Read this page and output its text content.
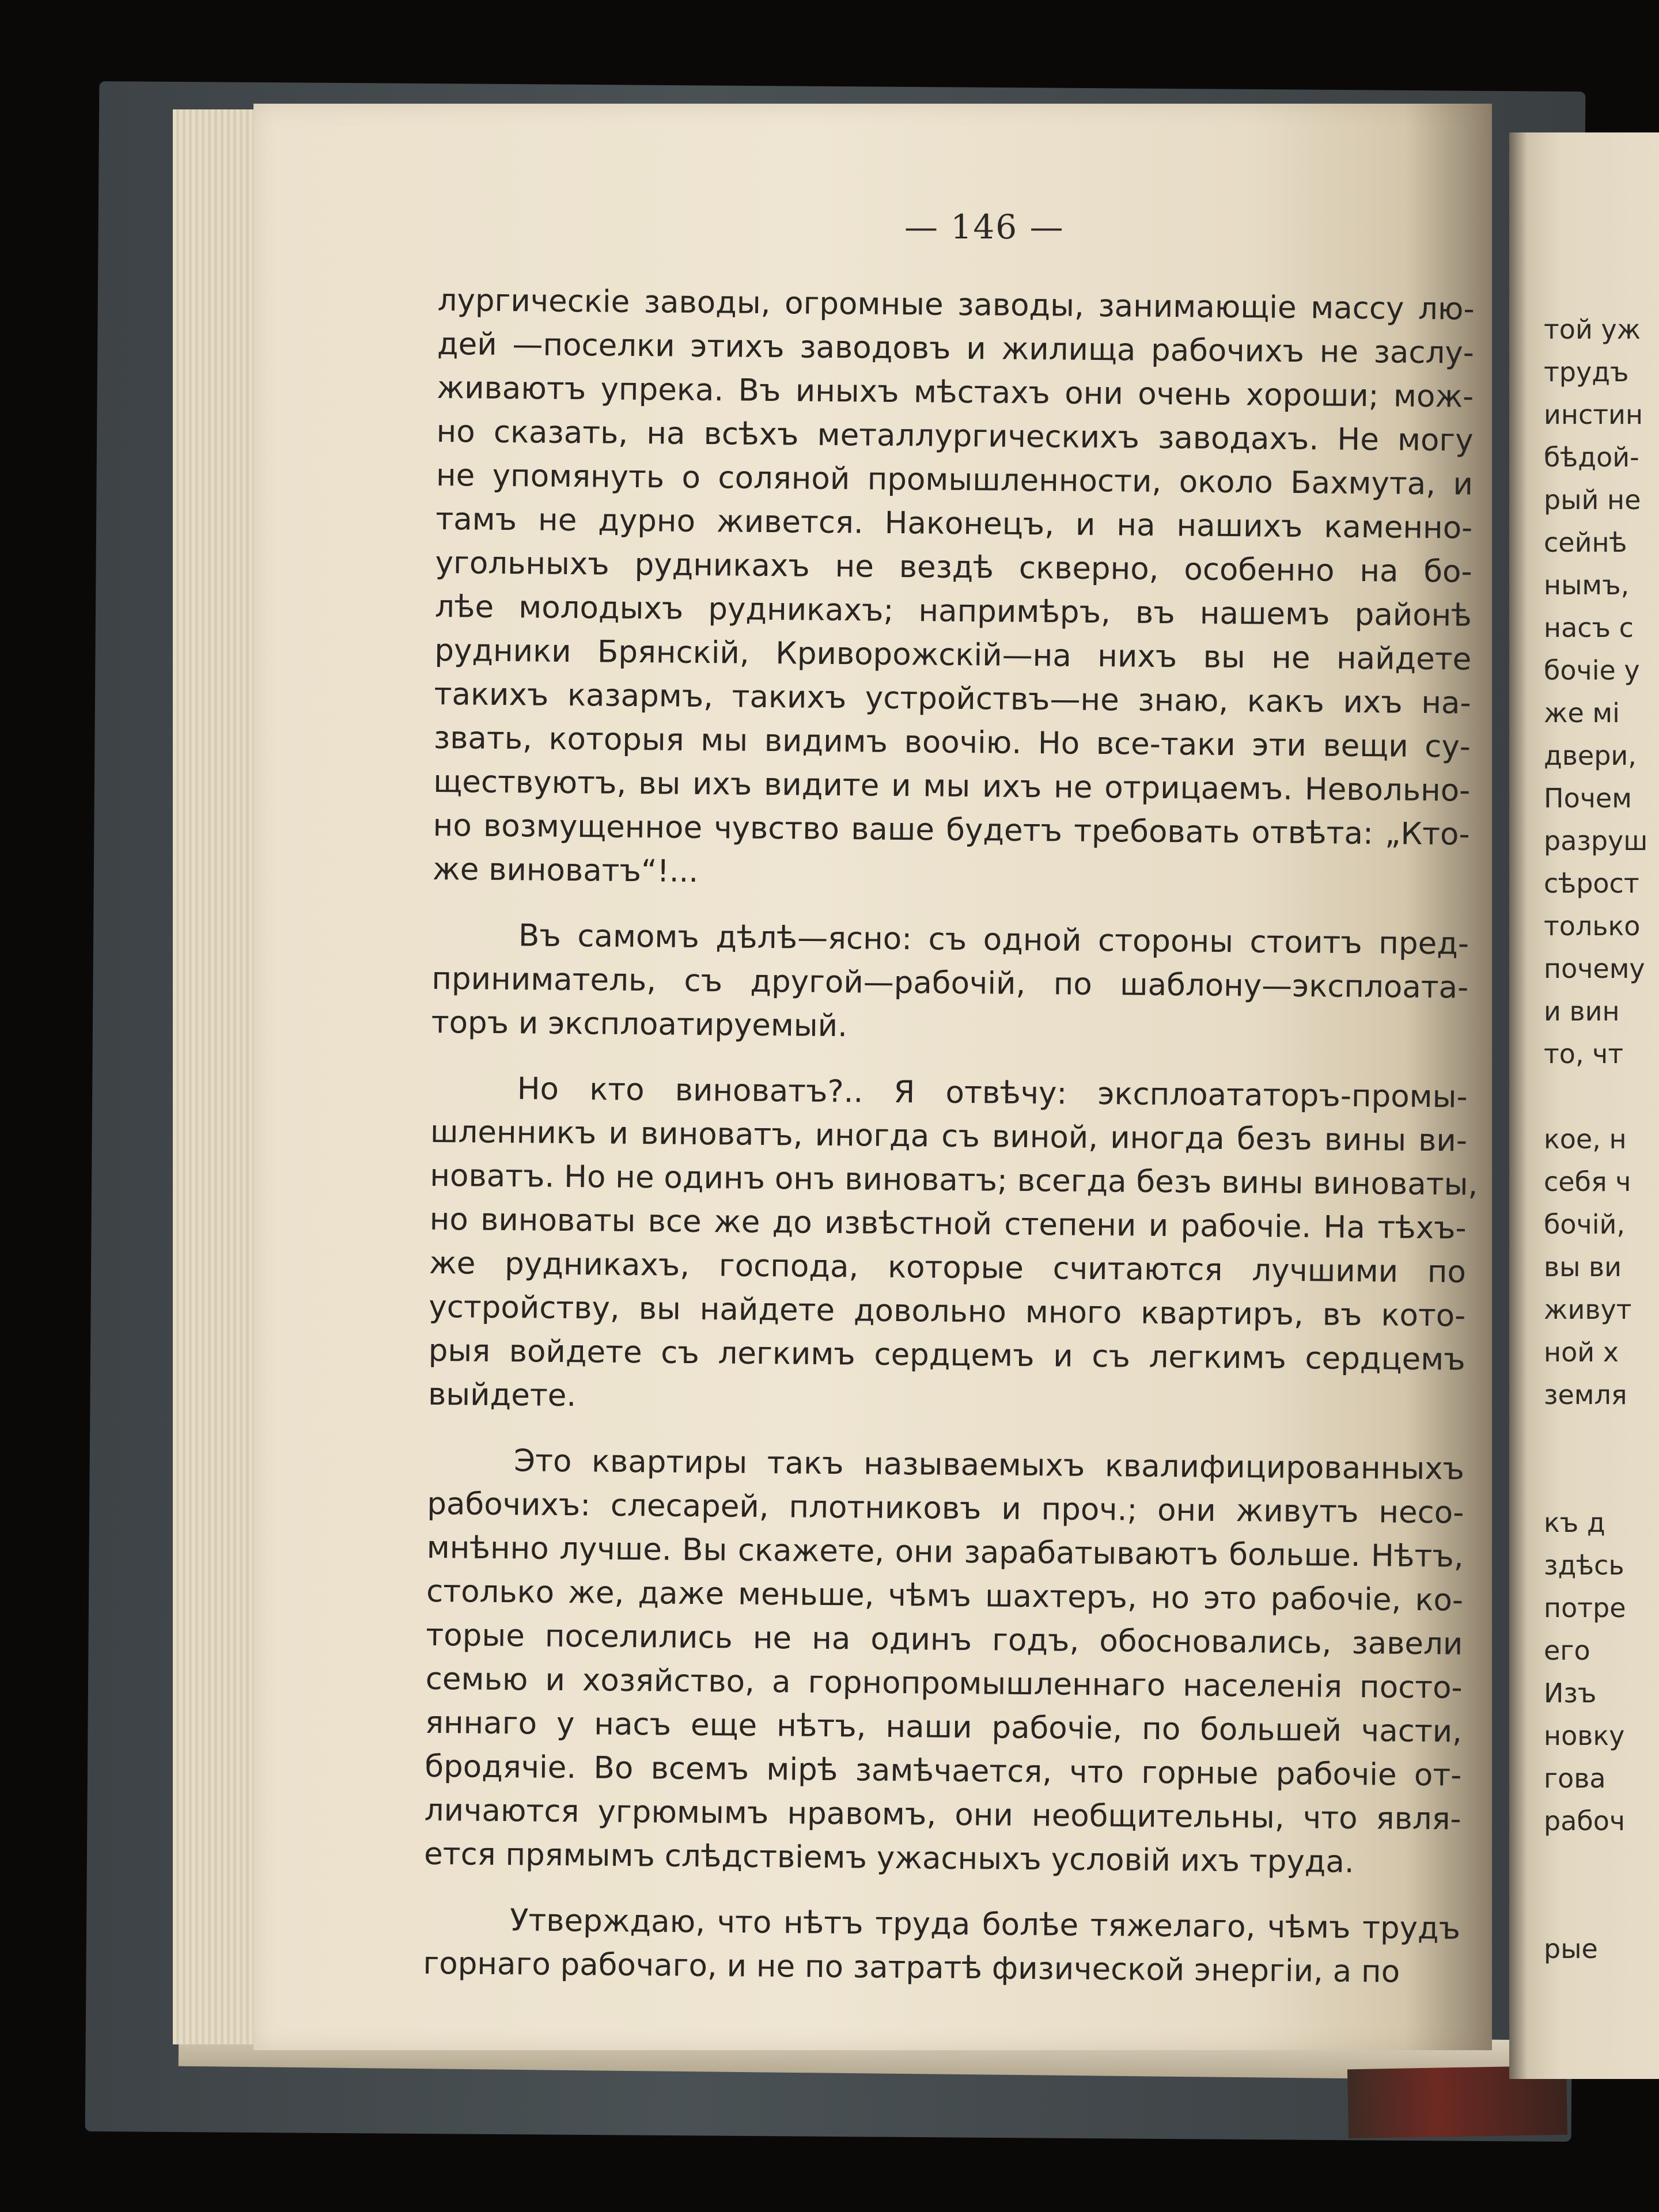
той уж
трудъ
инстин
бѣдой-
рый не
сейнѣ
нымъ,
насъ с
бочіе у
же мі
двери,
Почем
разруш
сѣрост
только
почему
и вин
то, чт
кое, н
себя ч
бочій,
вы ви
живут
ной х
земля
къ д
здѣсь
потре
его
Изъ
новку
гова
рабоч
рые
— 146 —
лургическіе заводы, огромные заводы, занимающіе массу лю-
дей —поселки этихъ заводовъ и жилища рабочихъ не заслу-
живаютъ упрека. Въ иныхъ мѣстахъ они очень хороши; мож-
но сказать, на всѣхъ металлургическихъ заводахъ. Не могу
не упомянуть о соляной промышленности, около Бахмута, и
тамъ не дурно живется. Наконецъ, и на нашихъ каменно-
угольныхъ рудникахъ не вездѣ скверно, особенно на бо-
лѣе молодыхъ рудникахъ; напримѣръ, въ нашемъ районѣ
рудники Брянскій, Криворожскій—на нихъ вы не найдете
такихъ казармъ, такихъ устройствъ—не знаю, какъ ихъ на-
звать, которыя мы видимъ воочію. Но все-таки эти вещи су-
ществуютъ, вы ихъ видите и мы ихъ не отрицаемъ. Невольно-
но возмущенное чувство ваше будетъ требовать отвѣта: „Кто-
же виноватъ“!...
Въ самомъ дѣлѣ—ясно: съ одной стороны стоитъ пред-
приниматель, съ другой—рабочій, по шаблону—эксплоата-
торъ и эксплоатируемый.
Но кто виноватъ?.. Я отвѣчу: эксплоататоръ-промы-
шленникъ и виноватъ, иногда съ виной, иногда безъ вины ви-
новатъ. Но не одинъ онъ виноватъ; всегда безъ вины виноваты,
но виноваты все же до извѣстной степени и рабочіе. На тѣхъ-
же рудникахъ, господа, которые считаются лучшими по
устройству, вы найдете довольно много квартиръ, въ кото-
рыя войдете съ легкимъ сердцемъ и съ легкимъ сердцемъ
выйдете.
Это квартиры такъ называемыхъ квалифицированныхъ
рабочихъ: слесарей, плотниковъ и проч.; они живутъ несо-
мнѣнно лучше. Вы скажете, они зарабатываютъ больше. Нѣтъ,
столько же, даже меньше, чѣмъ шахтеръ, но это рабочіе, ко-
торые поселились не на одинъ годъ, обосновались, завели
семью и хозяйство, а горнопромышленнаго населенія посто-
яннаго у насъ еще нѣтъ, наши рабочіе, по большей части,
бродячіе. Во всемъ мірѣ замѣчается, что горные рабочіе от-
личаются угрюмымъ нравомъ, они необщительны, что явля-
ется прямымъ слѣдствіемъ ужасныхъ условій ихъ труда.
Утверждаю, что нѣтъ труда болѣе тяжелаго, чѣмъ трудъ
горнаго рабочаго, и не по затратѣ физической энергіи, а по
